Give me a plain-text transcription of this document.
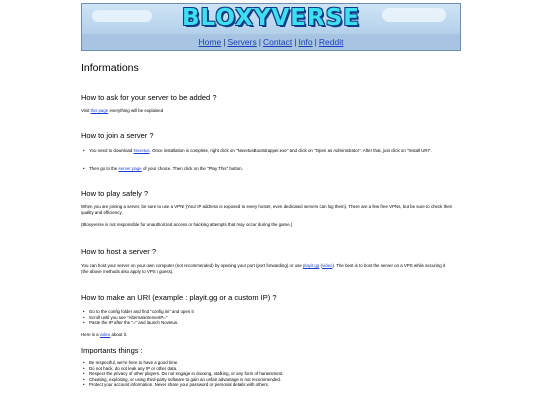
BLOXYVERSE
Home | Servers | Contact | Info | Reddit
Informations
How to ask for your server to be added ?
Visit this page everything will be explained
How to join a server ?
• You need to download Novetus. Once installation is complete, right click on "NovetusBootstrapper.exe" and click on "Open as Administrator". After that, just click on "Install URI".
• Then go to the server page of your choice. Then click on the "Play This" button.
How to play safely ?
When you are joining a server, be sure to use a VPN! (Your IP address is exposed to every hoster, even dedicated servers can log them). There are a few free VPNs, but be sure to check their quality and efficiency.
(Bloxyverse is not responsible for unauthorized access or hacking attempts that may occur during the game.)
How to host a server ?
You can host your server on your own computer (not recommended) by opening your port (port forwarding) or use playit.gg (video). The best is to host the server on a VPS while securing it (the above methods also apply to VPS i guess).
How to make an URI (example : playit.gg or a custom IP) ?
• Go to the config folder and find "config.ini" and open it
• Scroll until you see "AlternateServerIP="
• Paste the IP after the "=" and launch Novetus.
Here is a video about it.
Importants things :
• Be respectful, we're here to have a good time.
• Do not hack, do not leak any IP or other data.
• Respect the privacy of other players. Do not engage in doxxing, stalking, or any form of harassment.
• Cheating, exploiting, or using third-party software to gain an unfair advantage is not recommended.
• Protect your account information. Never share your password or personal details with others.
